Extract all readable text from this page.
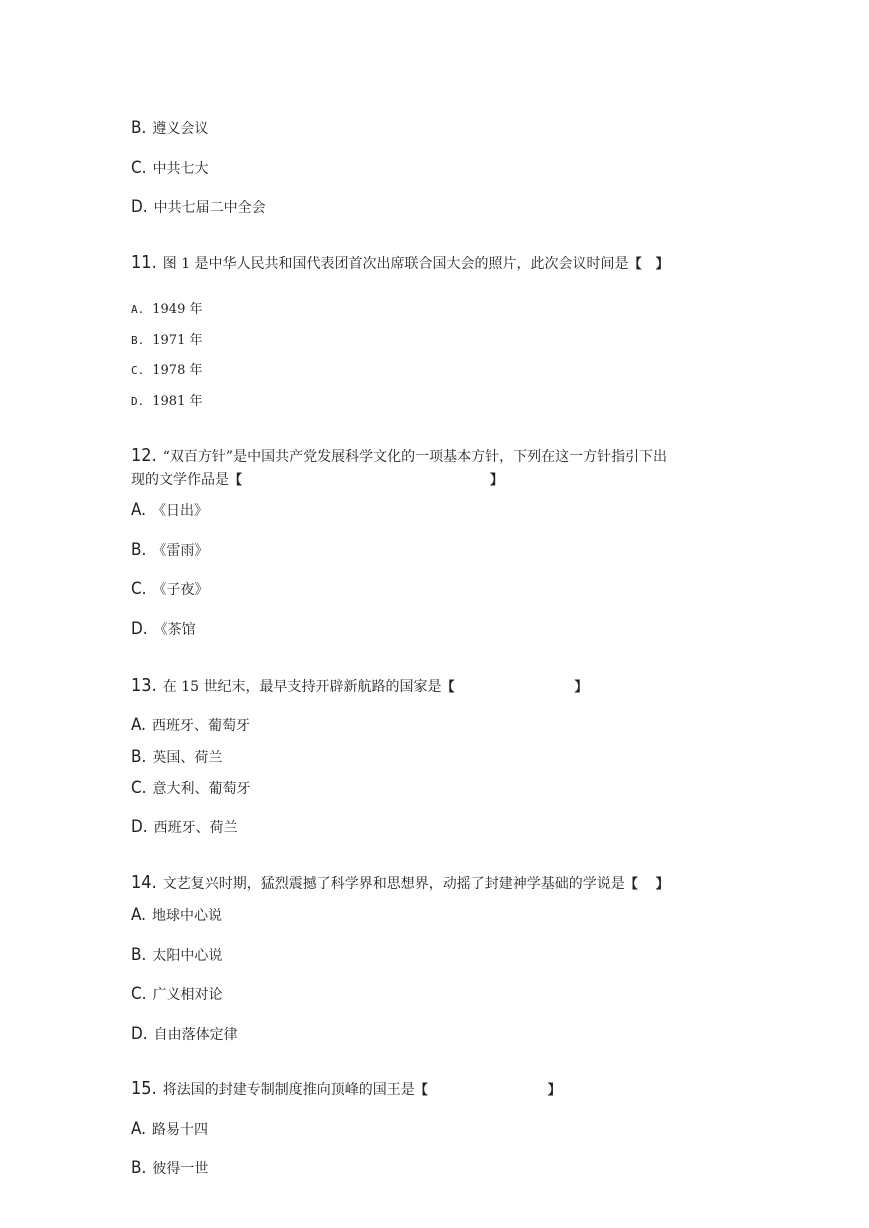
B. 遵义会议
C. 中共七大
D. 中共七届二中全会
11. 图 1 是中华人民共和国代表团首次出席联合国大会的照片，此次会议时间是【 】
A. 1949 年
B. 1971 年
C. 1978 年
D. 1981 年
12. “双百方针”是中国共产党发展科学文化的一项基本方针，下列在这一方针指引下出
现的文学作品是【	】
A. 《日出》
B. 《雷雨》
C. 《子夜》
D. 《茶馆
13. 在 15 世纪末，最早支持开辟新航路的国家是【	】
A. 西班牙、葡萄牙
B. 英国、荷兰
C. 意大利、葡萄牙
D. 西班牙、荷兰
14. 文艺复兴时期，猛烈震撼了科学界和思想界，动摇了封建神学基础的学说是【 】
A. 地球中心说
B. 太阳中心说
C. 广义相对论
D. 自由落体定律
15. 将法国的封建专制制度推向顶峰的国王是【	】
A. 路易十四
B. 彼得一世
